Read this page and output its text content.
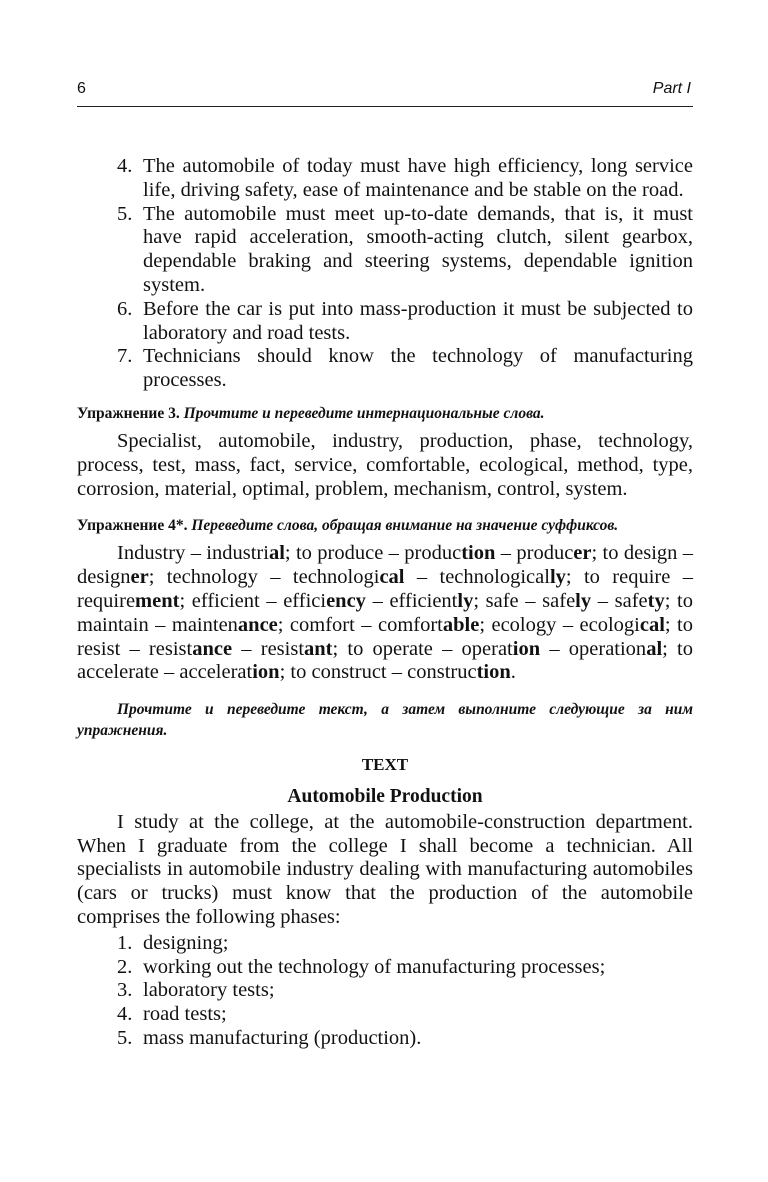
6	Part I
4. The automobile of today must have high efficiency, long service life, driving safety, ease of maintenance and be stable on the road.
5. The automobile must meet up-to-date demands, that is, it must have rapid acceleration, smooth-acting clutch, silent gearbox, dependable braking and steering systems, dependable ignition system.
6. Before the car is put into mass-production it must be subjected to laboratory and road tests.
7. Technicians should know the technology of manufacturing processes.
Упражнение 3. Прочтите и переведите интернациональные слова.

Specialist, automobile, industry, production, phase, technology, process, test, mass, fact, service, comfortable, ecological, method, type, corrosion, material, optimal, problem, mechanism, control, system.

Упражнение 4*. Переведите слова, обращая внимание на значение суффиксов.

Industry – industrial; to produce – production – producer; to design – designer; technology – technological – technologically; to require – requirement; efficient – efficiency – efficiently; safe – safely – safety; to maintain – maintenance; comfort – comfortable; ecology – ecological; to resist – resistance – resistant; to operate – operation – operational; to accelerate – acceleration; to construct – construction.

Прочтите и переведите текст, а затем выполните следующие за ним упражнения.
TEXT
Automobile Production

I study at the college, at the automobile-construction department. When I graduate from the college I shall become a technician. All specialists in automobile industry dealing with manufacturing automobiles (cars or trucks) must know that the production of the automobile comprises the following phases:

1. designing;
2. working out the technology of manufacturing processes;
3. laboratory tests;
4. road tests;
5. mass manufacturing (production).
